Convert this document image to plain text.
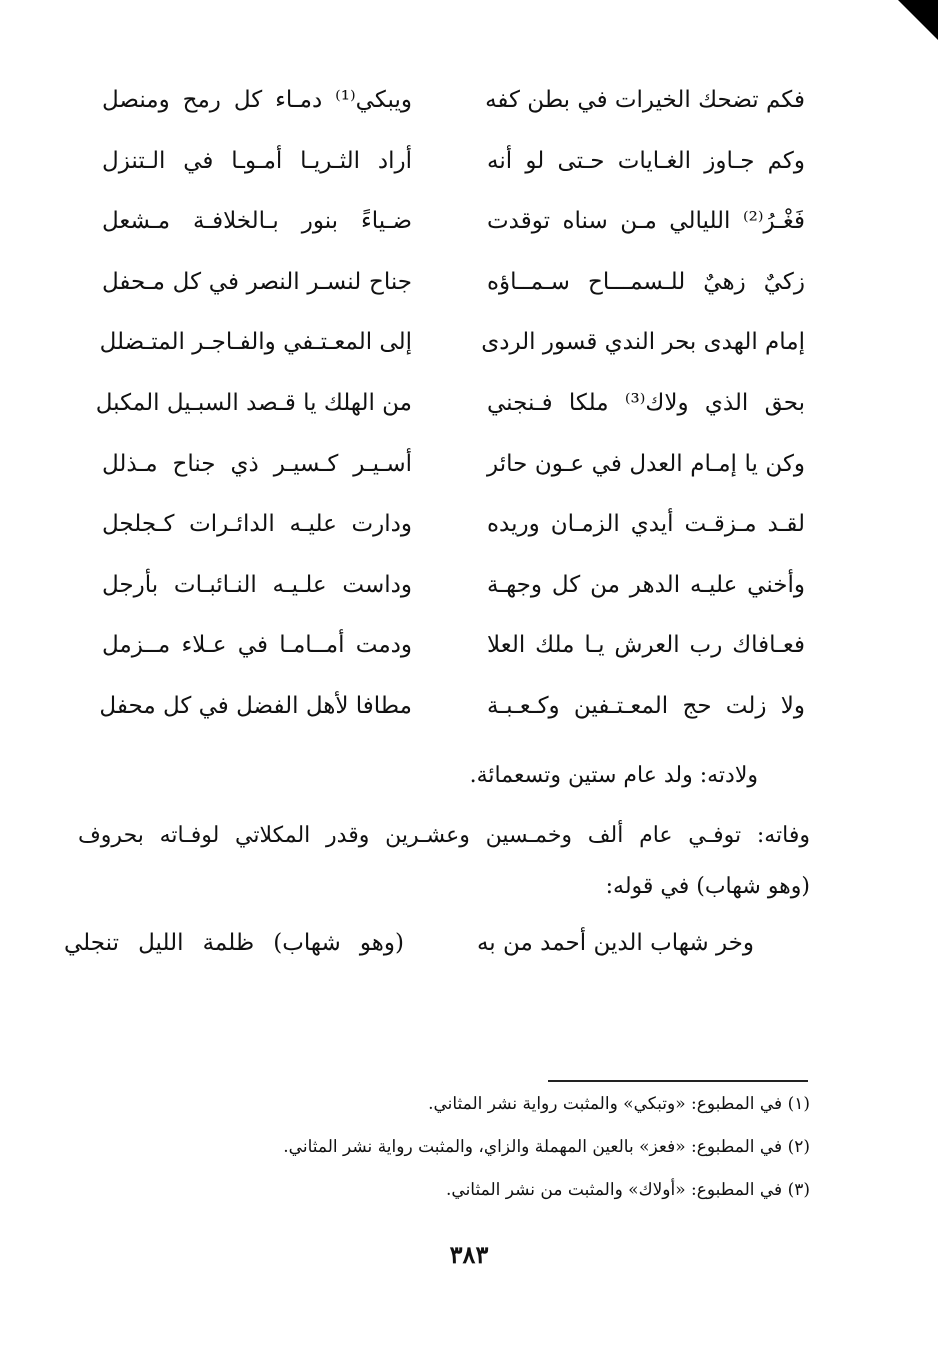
فكم تضحك الخيرات في بطن كفه
ويبكي⁽¹⁾ دمـاء كل رمح ومنصل
وكم جـاوز الغـايات حـتى لو أنه
أراد الثـريـا أمـوـا في الـتنزل
فَغْـرُ⁽²⁾ الليالي مـن سناه توقدت
ضـياءً بنور بـالخلافـة مـشعل
زكيٌ زهيٌ للـسمـــاح سـمــاؤه
جناح لنسـر النصر في كل مـحفل
إمام الهدى بحر الندي قسور الردى
إلى المعـتـفي والفـاجـر المتـضلل
بحق الذي ولاك⁽³⁾ ملكا فـنجني
من الهلك يا قـصد السبـيل المكبل
وكن يا إمـام العدل في عـون حائر
أسـيـر كـسيـر ذي جناح مـذلل
لقـد مـزقـت أيدي الزمـان وريده
ودارت عليـه الدائـرات كـجلجل
وأخني عليـه الدهر من كل وجهـة
وداست علـيـه النـائبـات بأرجل
فعـافاك رب العرش يـا ملك العلا
ودمت أمــامـا في عـلاء مــزمل
ولا زلت حج المعـتـفين وكـعـبـة
مطافا لأهل الفضل في كل محفل
ولادته: ولد عام ستين وتسعمائة.
وفاته: توفـي عام ألف وخمـسين وعشـرين وقدر المكلاتي لوفـاته بحروف
(وهو شهاب) في قوله:
وخر شهاب الدين أحمد من به
(وهو شهاب) ظلمة الليل تنجلي
(١) في المطبوع: «وتبكي» والمثبت رواية نشر المثاني.
(٢) في المطبوع: «فعز» بالعين المهملة والزاي، والمثبت رواية نشر المثاني.
(٣) في المطبوع: «أولاك» والمثبت من نشر المثاني.
٣٨٣
